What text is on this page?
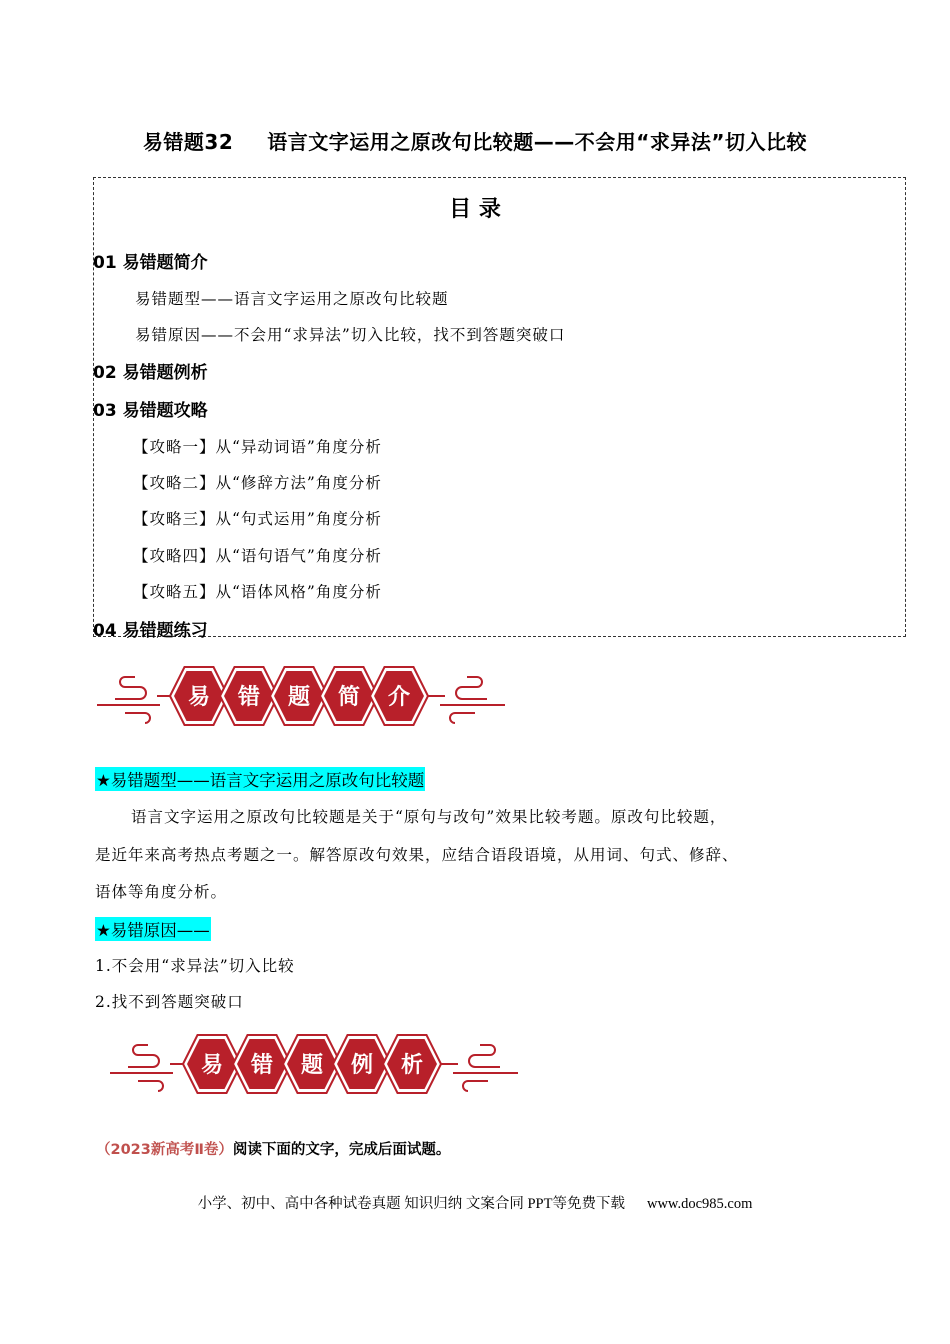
易错题32 语言文字运用之原改句比较题——不会用“求异法”切入比较
目 录
01 易错题简介
易错题型——语言文字运用之原改句比较题
易错原因——不会用“求异法”切入比较，找不到答题突破口
02 易错题例析
03 易错题攻略
【攻略一】从“异动词语”角度分析
【攻略二】从“修辞方法”角度分析
【攻略三】从“句式运用”角度分析
【攻略四】从“语句语气”角度分析
【攻略五】从“语体风格”角度分析
04 易错题练习
易 错 题 简 介
★易错题型——语言文字运用之原改句比较题
语言文字运用之原改句比较题是关于“原句与改句”效果比较考题。原改句比较题，
是近年来高考热点考题之一。解答原改句效果，应结合语段语境，从用词、句式、修辞、
语体等角度分析。
★易错原因——
1.不会用“求异法”切入比较
2.找不到答题突破口
易 错 题 例 析
（2023新高考Ⅱ卷）阅读下面的文字，完成后面试题。
小学、初中、高中各种试卷真题 知识归纳 文案合同 PPT等免费下载 www.doc985.com
